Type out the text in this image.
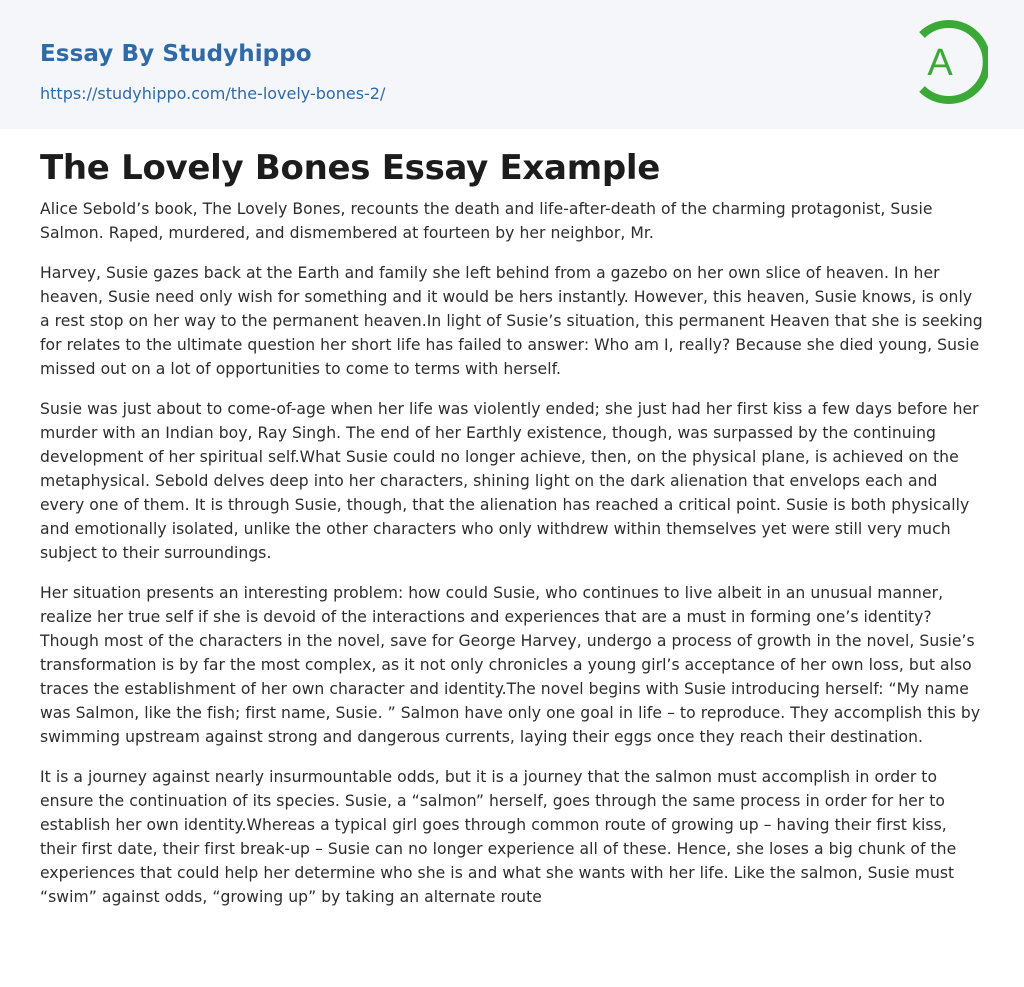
Essay By Studyhippo
https://studyhippo.com/the-lovely-bones-2/
A
The Lovely Bones Essay Example

Alice Sebold’s book, The Lovely Bones, recounts the death and life-after-death of the charming protagonist, Susie Salmon. Raped, murdered, and dismembered at fourteen by her neighbor, Mr.

Harvey, Susie gazes back at the Earth and family she left behind from a gazebo on her own slice of heaven. In her heaven, Susie need only wish for something and it would be hers instantly. However, this heaven, Susie knows, is only a rest stop on her way to the permanent heaven.In light of Susie’s situation, this permanent Heaven that she is seeking for relates to the ultimate question her short life has failed to answer: Who am I, really? Because she died young, Susie missed out on a lot of opportunities to come to terms with herself.

Susie was just about to come-of-age when her life was violently ended; she just had her first kiss a few days before her murder with an Indian boy, Ray Singh. The end of her Earthly existence, though, was surpassed by the continuing development of her spiritual self.What Susie could no longer achieve, then, on the physical plane, is achieved on the metaphysical. Sebold delves deep into her characters, shining light on the dark alienation that envelops each and every one of them. It is through Susie, though, that the alienation has reached a critical point. Susie is both physically and emotionally isolated, unlike the other characters who only withdrew within themselves yet were still very much subject to their surroundings.

Her situation presents an interesting problem: how could Susie, who continues to live albeit in an unusual manner, realize her true self if she is devoid of the interactions and experiences that are a must in forming one’s identity? Though most of the characters in the novel, save for George Harvey, undergo a process of growth in the novel, Susie’s transformation is by far the most complex, as it not only chronicles a young girl’s acceptance of her own loss, but also traces the establishment of her own character and identity.The novel begins with Susie introducing herself: “My name was Salmon, like the fish; first name, Susie. ” Salmon have only one goal in life – to reproduce. They accomplish this by swimming upstream against strong and dangerous currents, laying their eggs once they reach their destination.

It is a journey against nearly insurmountable odds, but it is a journey that the salmon must accomplish in order to ensure the continuation of its species. Susie, a “salmon” herself, goes through the same process in order for her to establish her own identity.Whereas a typical girl goes through common route of growing up – having their first kiss, their first date, their first break-up – Susie can no longer experience all of these. Hence, she loses a big chunk of the experiences that could help her determine who she is and what she wants with her life. Like the salmon, Susie must “swim” against odds, “growing up” by taking an alternate route
